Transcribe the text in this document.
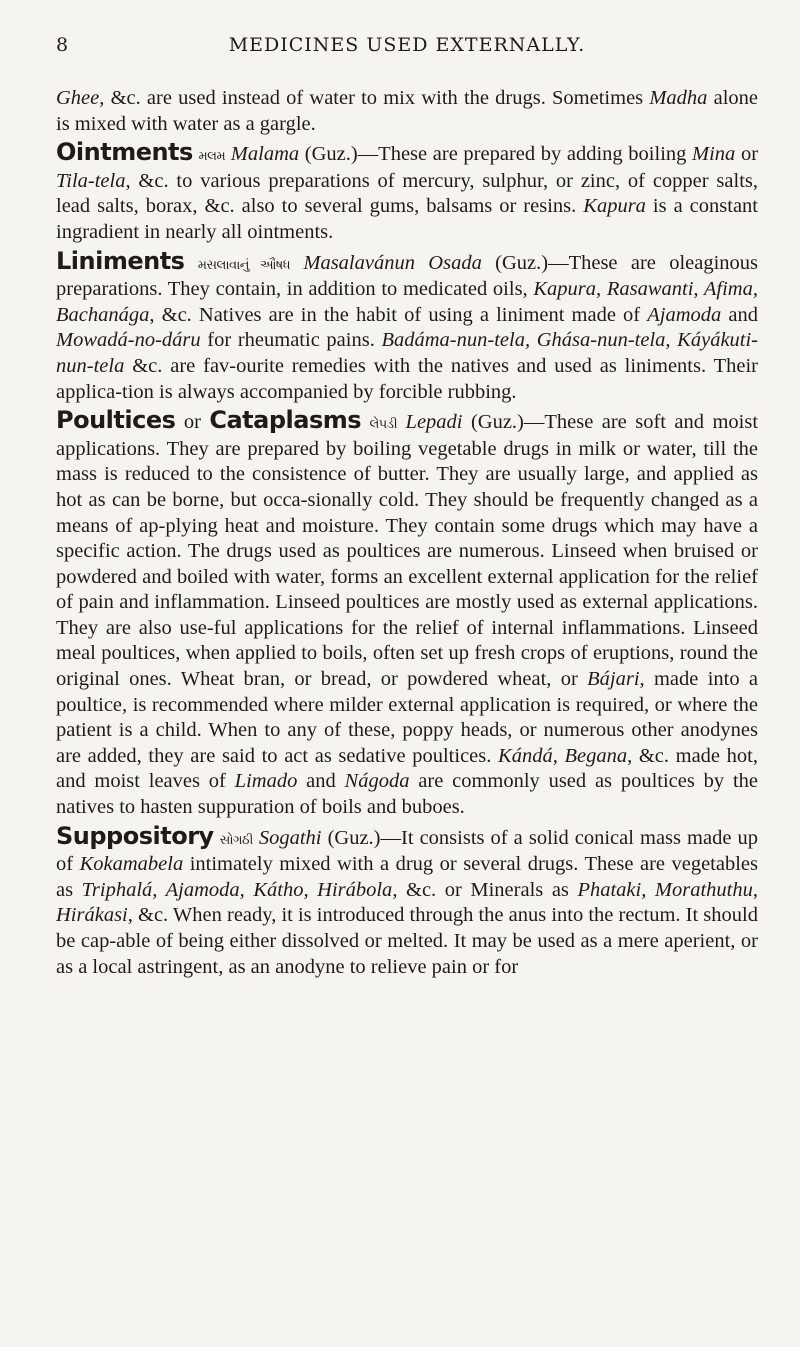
8	MEDICINES USED EXTERNALLY.

Ghee, &c. are used instead of water to mix with the drugs. Sometimes Madha alone is mixed with water as a gargle.

Ointments મલમ Malama (Guz.)—These are prepared by adding boiling Mina or Tila-tela, &c. to various preparations of mercury, sulphur, or zinc, of copper salts, lead salts, borax, &c. also to several gums, balsams or resins. Kapura is a constant ingradient in nearly all ointments.

Liniments મસલાવાનું ઔષધ Masalavánun Osada (Guz.)—These are oleaginous preparations. They contain, in addition to medicated oils, Kapura, Rasawanti, Afima, Bachanága, &c. Natives are in the habit of using a liniment made of Ajamoda and Mowadá-no-dáru for rheumatic pains. Badáma-nun-tela, Ghása-nun-tela, Káyákuti-nun-tela &c. are fav-ourite remedies with the natives and used as liniments. Their applica-tion is always accompanied by forcible rubbing.

Poultices or Cataplasms લેપડી Lepadi (Guz.)—These are soft and moist applications. They are prepared by boiling vegetable drugs in milk or water, till the mass is reduced to the consistence of butter. They are usually large, and applied as hot as can be borne, but occa-sionally cold. They should be frequently changed as a means of ap-plying heat and moisture. They contain some drugs which may have a specific action. The drugs used as poultices are numerous. Linseed when bruised or powdered and boiled with water, forms an excellent external application for the relief of pain and inflammation. Linseed poultices are mostly used as external applications. They are also use-ful applications for the relief of internal inflammations. Linseed meal poultices, when applied to boils, often set up fresh crops of eruptions, round the original ones. Wheat bran, or bread, or powdered wheat, or Bájari, made into a poultice, is recommended where milder external application is required, or where the patient is a child. When to any of these, poppy heads, or numerous other anodynes are added, they are said to act as sedative poultices. Kándá, Begana, &c. made hot, and moist leaves of Limado and Nágoda are commonly used as poultices by the natives to hasten suppuration of boils and buboes.

Suppository સોગઠી Sogathi (Guz.)—It consists of a solid conical mass made up of Kokamabela intimately mixed with a drug or several drugs. These are vegetables as Triphalá, Ajamoda, Kátho, Hirábola, &c. or Minerals as Phataki, Morathuthu, Hirákasi, &c. When ready, it is introduced through the anus into the rectum. It should be cap-able of being either dissolved or melted. It may be used as a mere aperient, or as a local astringent, as an anodyne to relieve pain or for
